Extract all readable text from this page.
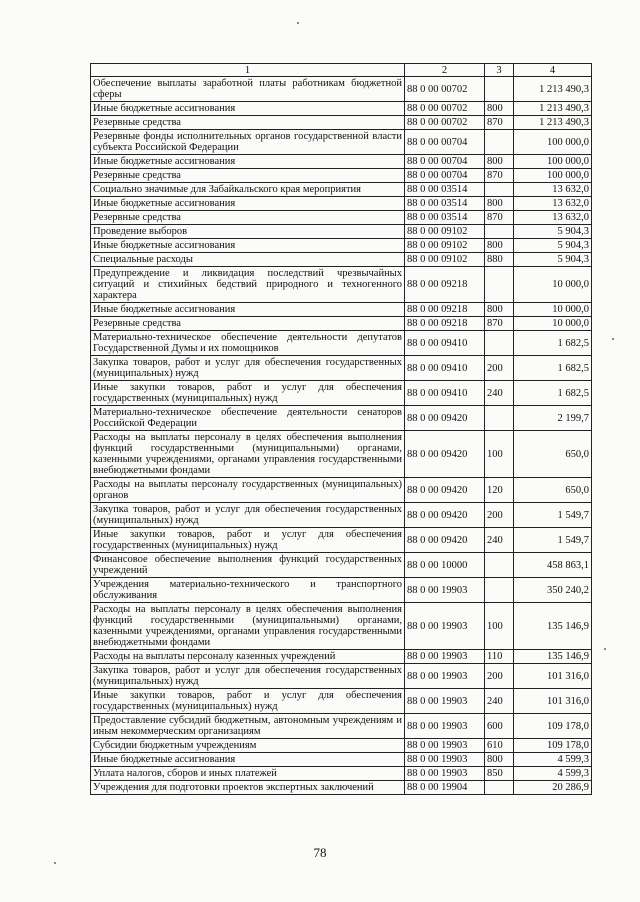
1	2	3	4
Обеспечение выплаты заработной платы работникам бюджетной сферы	88 0 00 00702		1 213 490,3
Иные бюджетные ассигнования	88 0 00 00702	800	1 213 490,3
Резервные средства	88 0 00 00702	870	1 213 490,3
Резервные фонды исполнительных органов государственной власти субъекта Российской Федерации	88 0 00 00704		100 000,0
Иные бюджетные ассигнования	88 0 00 00704	800	100 000,0
Резервные средства	88 0 00 00704	870	100 000,0
Социально значимые для Забайкальского края мероприятия	88 0 00 03514		13 632,0
Иные бюджетные ассигнования	88 0 00 03514	800	13 632,0
Резервные средства	88 0 00 03514	870	13 632,0
Проведение выборов	88 0 00 09102		5 904,3
Иные бюджетные ассигнования	88 0 00 09102	800	5 904,3
Специальные расходы	88 0 00 09102	880	5 904,3
Предупреждение и ликвидация последствий чрезвычайных ситуаций и стихийных бедствий природного и техногенного характера	88 0 00 09218		10 000,0
Иные бюджетные ассигнования	88 0 00 09218	800	10 000,0
Резервные средства	88 0 00 09218	870	10 000,0
Материально-техническое обеспечение деятельности депутатов Государственной Думы и их помощников	88 0 00 09410		1 682,5
Закупка товаров, работ и услуг для обеспечения государственных (муниципальных) нужд	88 0 00 09410	200	1 682,5
Иные закупки товаров, работ и услуг для обеспечения государственных (муниципальных) нужд	88 0 00 09410	240	1 682,5
Материально-техническое обеспечение деятельности сенаторов Российской Федерации	88 0 00 09420		2 199,7
Расходы на выплаты персоналу в целях обеспечения выполнения функций государственными (муниципальными) органами, казенными учреждениями, органами управления государственными внебюджетными фондами	88 0 00 09420	100	650,0
Расходы на выплаты персоналу государственных (муниципальных) органов	88 0 00 09420	120	650,0
Закупка товаров, работ и услуг для обеспечения государственных (муниципальных) нужд	88 0 00 09420	200	1 549,7
Иные закупки товаров, работ и услуг для обеспечения государственных (муниципальных) нужд	88 0 00 09420	240	1 549,7
Финансовое обеспечение выполнения функций государственных учреждений	88 0 00 10000		458 863,1
Учреждения материально-технического и транспортного обслуживания	88 0 00 19903		350 240,2
Расходы на выплаты персоналу в целях обеспечения выполнения функций государственными (муниципальными) органами, казенными учреждениями, органами управления государственными внебюджетными фондами	88 0 00 19903	100	135 146,9
Расходы на выплаты персоналу казенных учреждений	88 0 00 19903	110	135 146,9
Закупка товаров, работ и услуг для обеспечения государственных (муниципальных) нужд	88 0 00 19903	200	101 316,0
Иные закупки товаров, работ и услуг для обеспечения государственных (муниципальных) нужд	88 0 00 19903	240	101 316,0
Предоставление субсидий бюджетным, автономным учреждениям и иным некоммерческим организациям	88 0 00 19903	600	109 178,0
Субсидии бюджетным учреждениям	88 0 00 19903	610	109 178,0
Иные бюджетные ассигнования	88 0 00 19903	800	4 599,3
Уплата налогов, сборов и иных платежей	88 0 00 19903	850	4 599,3
Учреждения для подготовки проектов экспертных заключений	88 0 00 19904		20 286,9
78
